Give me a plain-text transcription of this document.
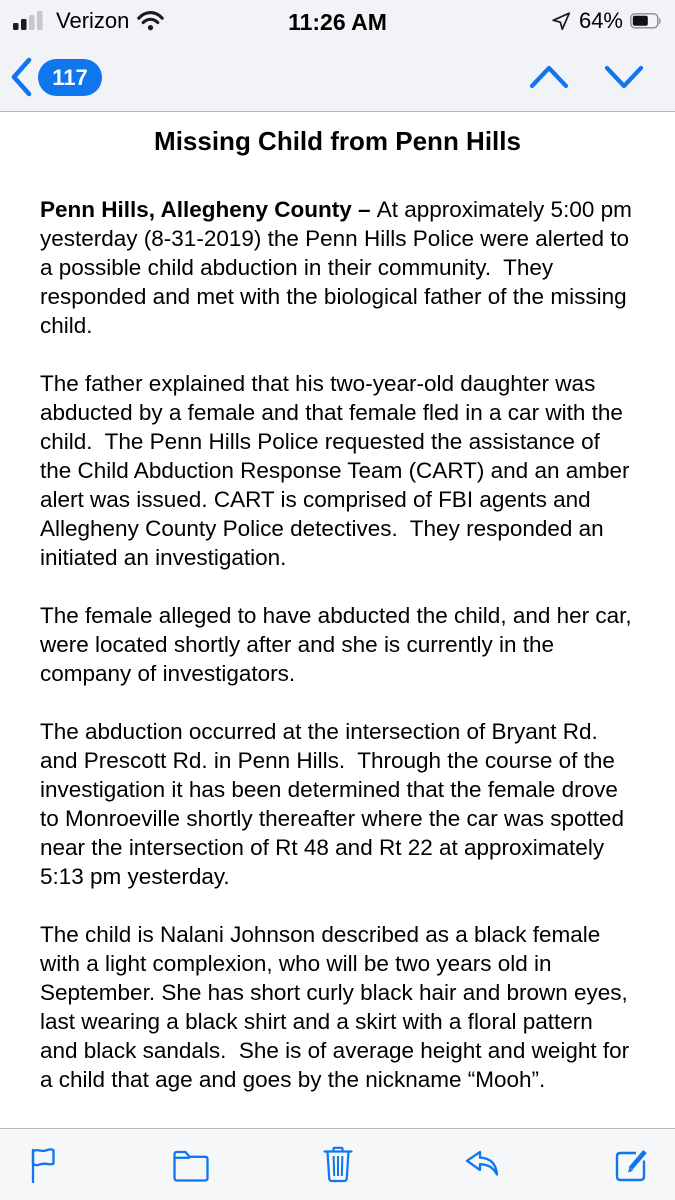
Verizon	11:26 AM	64%
117
Missing Child from Penn Hills

Penn Hills, Allegheny County – At approximately 5:00 pm yesterday (8-31-2019) the Penn Hills Police were alerted to a possible child abduction in their community.  They responded and met with the biological father of the missing child.

The father explained that his two-year-old daughter was abducted by a female and that female fled in a car with the child.  The Penn Hills Police requested the assistance of the Child Abduction Response Team (CART) and an amber alert was issued. CART is comprised of FBI agents and Allegheny County Police detectives.  They responded an initiated an investigation.

The female alleged to have abducted the child, and her car, were located shortly after and she is currently in the company of investigators.

The abduction occurred at the intersection of Bryant Rd. and Prescott Rd. in Penn Hills.  Through the course of the investigation it has been determined that the female drove to Monroeville shortly thereafter where the car was spotted near the intersection of Rt 48 and Rt 22 at approximately 5:13 pm yesterday.

The child is Nalani Johnson described as a black female with a light complexion, who will be two years old in September. She has short curly black hair and brown eyes, last wearing a black shirt and a skirt with a floral pattern and black sandals.  She is of average height and weight for a child that age and goes by the nickname “Mooh”.
